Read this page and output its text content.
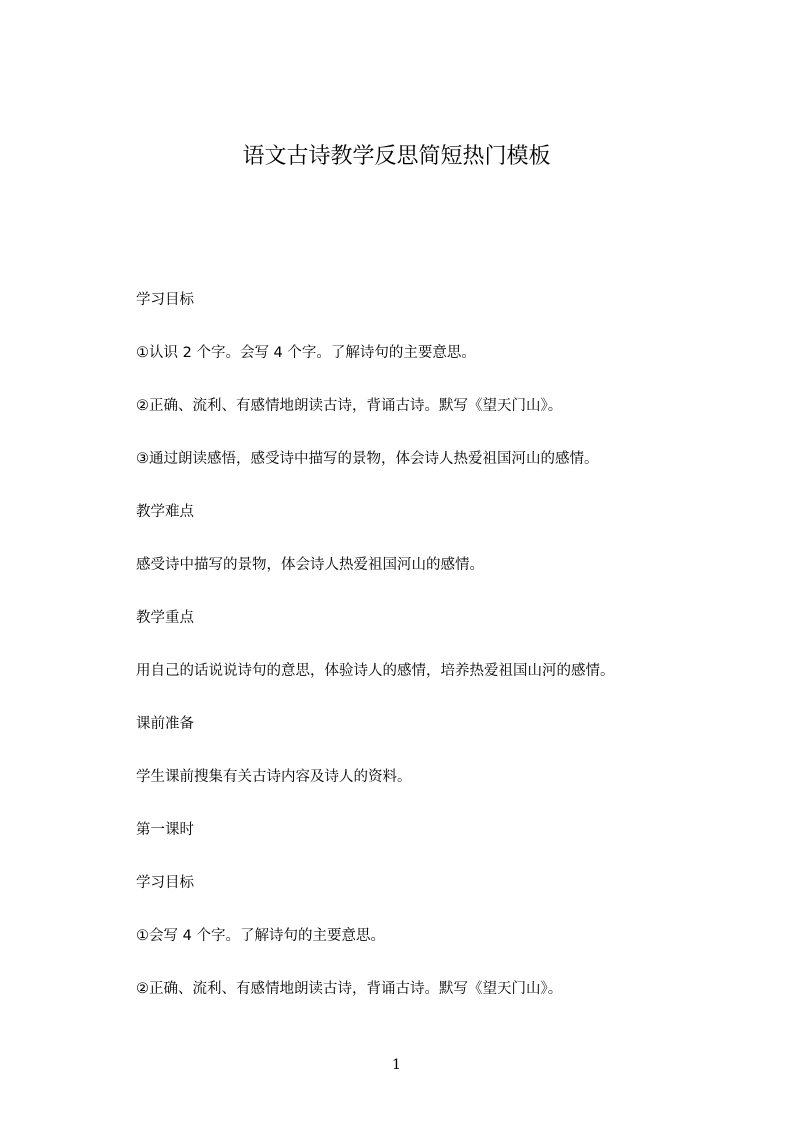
语文古诗教学反思简短热门模板

学习目标

①认识 2 个字。会写 4 个字。了解诗句的主要意思。

②正确、流利、有感情地朗读古诗，背诵古诗。默写《望天门山》。

③通过朗读感悟，感受诗中描写的景物，体会诗人热爱祖国河山的感情。

教学难点

感受诗中描写的景物，体会诗人热爱祖国河山的感情。

教学重点

用自己的话说说诗句的意思，体验诗人的感情，培养热爱祖国山河的感情。

课前准备

学生课前搜集有关古诗内容及诗人的资料。

第一课时

学习目标

①会写 4 个字。了解诗句的主要意思。

②正确、流利、有感情地朗读古诗，背诵古诗。默写《望天门山》。

1
